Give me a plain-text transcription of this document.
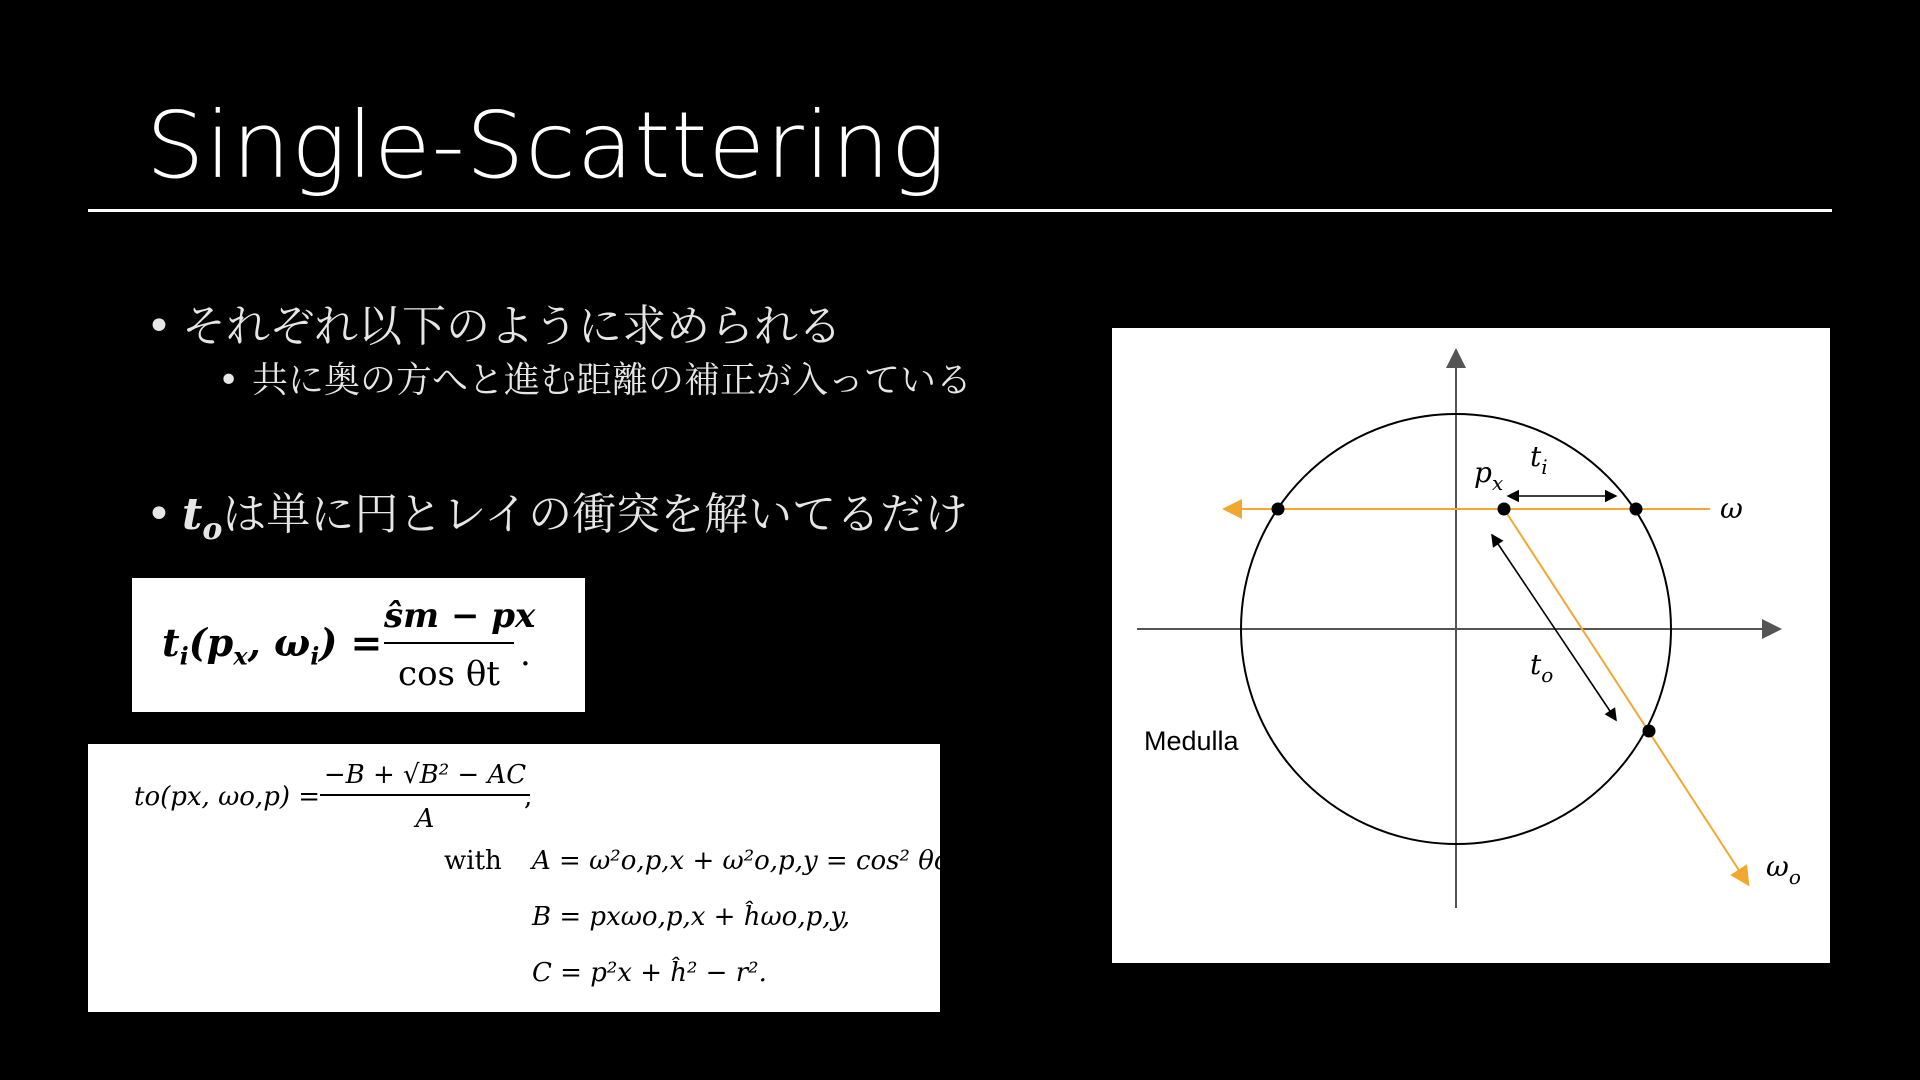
Single-Scattering
• それぞれ以下のように求められる
• 共に奥の方へと進む距離の補正が入っている
• $t_o$は単に円とレイの衝突を解いてるだけ
$t_i(p_x$, $\omega_i$) =
ŝm − px
cos θt .
to(px, ωo,p) =
−B + √B² − AC
A
,
with A = ω²o,p,x + ω²o,p,y = cos² θo,
B = pxωo,p,x + ĥωo,p,y,
C = p²x + ĥ² − r².
$p_x$
$t_i$
$t_o$
ω
$\omega_o$
Medulla
